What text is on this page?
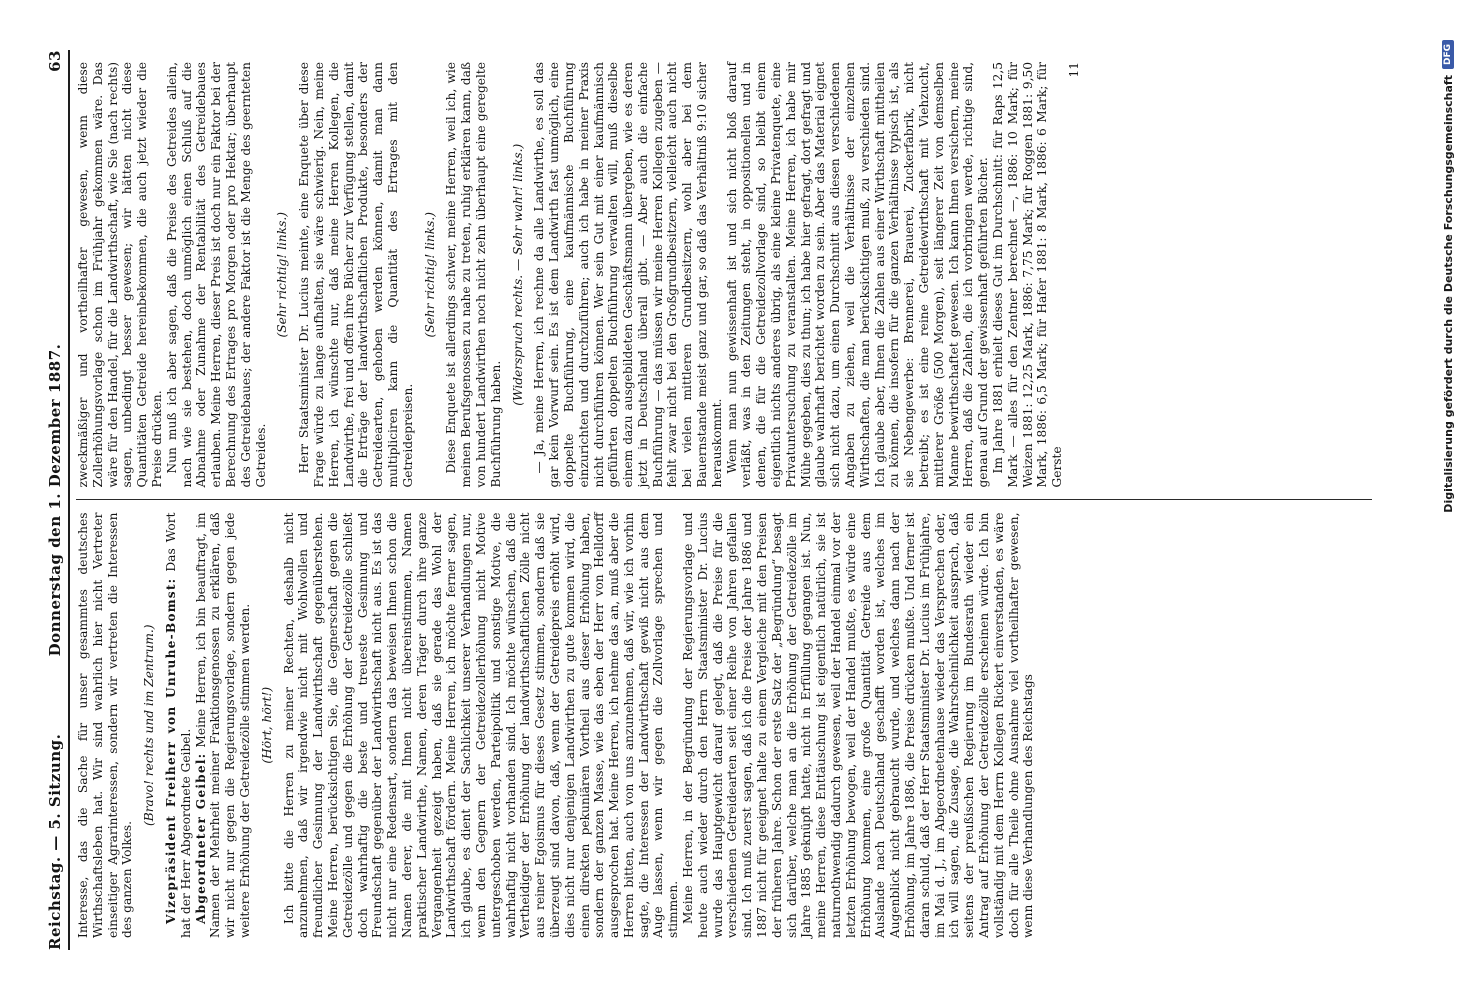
Reichstag. — 5. Sitzung.
Donnerstag den 1. Dezember 1887.
63

Interesse, das die Sache für unser gesammtes deutsches Wirthschaftsleben hat. Wir sind wahrlich hier nicht Vertreter einseitiger Agrarinteressen, sondern wir vertreten die Interessen des ganzen Volkes.

(Bravo! rechts und im Zentrum.) Vizepräsident Freiherr von Unruhe-Bomst: Das Wort hat der Herr Abgeordnete Geibel. Abgeordneter Geibel: Meine Herren, ich bin beauftragt, im Namen der Mehrheit meiner Fraktionsgenossen zu erklären, daß wir nicht nur gegen die Regierungsvorlage, sondern gegen jede weitere Erhöhung der Getreidezölle stimmen werden. (Hört, hört!) Ich bitte die Herren zu meiner Rechten, deshalb nicht anzunehmen, daß wir irgendwie nicht mit Wohlwollen und freundlicher Gesinnung der Landwirthschaft gegenüberstehen. Meine Herren, berücksichtigen Sie, die Gegnerschaft gegen die Getreidezölle und gegen die Erhöhung der Getreidezölle schließt doch wahrhaftig die beste und treueste Gesinnung und Freundschaft gegenüber der Landwirthschaft nicht aus. Es ist das nicht nur eine Redensart, sondern das beweisen Ihnen schon die Namen derer, die mit Ihnen nicht übereinstimmen, Namen praktischer Landwirthe, Namen, deren Träger durch ihre ganze Vergangenheit gezeigt haben, daß sie gerade das Wohl der Landwirthschaft fördern. Meine Herren, ich möchte ferner sagen, ich glaube, es dient der Sachlichkeit unserer Verhandlungen nur, wenn den Gegnern der Getreidezollerhöhung nicht Motive untergeschoben werden, Parteipolitik und sonstige Motive, die wahrhaftig nicht vorhanden sind. Ich möchte wünschen, daß die Vertheidiger der Erhöhung der landwirthschaftlichen Zölle nicht aus reiner Egoismus für dieses Gesetz stimmen, sondern daß sie überzeugt sind davon, daß, wenn der Getreidepreis erhöht wird, dies nicht nur denjenigen Landwirthen zu gute kommen wird, die einen direkten pekuniären Vortheil aus dieser Erhöhung haben, sondern der ganzen Masse, wie das eben der Herr von Helldorff ausgesprochen hat. Meine Herren, ich nehme das an, muß aber die Herren bitten, auch von uns anzunehmen, daß wir, wie ich vorhin sagte, die Interessen der Landwirthschaft gewiß nicht aus dem Auge lassen, wenn wir gegen die Zollvorlage sprechen und stimmen. Meine Herren, in der Begründung der Regierungsvorlage und heute auch wieder durch den Herrn Staatsminister Dr. Lucius wurde das Hauptgewicht darauf gelegt, daß die Preise für die verschiedenen Getreidearten seit einer Reihe von Jahren gefallen sind. Ich muß zuerst sagen, daß ich die Preise der Jahre 1886 und 1887 nicht für geeignet halte zu einem Vergleiche mit den Preisen der früheren Jahre. Schon der erste Satz der „Begründung“ besagt sich darüber, welche man an die Erhöhung der Getreidezölle im Jahre 1885 geknüpft hatte, nicht in Erfüllung gegangen ist. Nun, meine Herren, diese Enttäuschung ist eigentlich natürlich, sie ist naturnothwendig dadurch gewesen, weil der Handel einmal vor der letzten Erhöhung bewogen, weil der Handel mußte, es würde eine Erhöhung kommen, eine große Quantität Getreide aus dem Auslande nach Deutschland geschafft worden ist, welches im Augenblick nicht gebraucht wurde, und welches dann nach der Erhöhung, im Jahre 1886, die Preise drücken mußte. Und ferner ist daran schuld, daß der Herr Staatsminister Dr. Lucius im Frühjahre, im Mai d. J., im Abgeordnetenhause wieder das Versprechen oder, ich will sagen, die Zusage, die Wahrscheinlichkeit aussprach, daß seitens der preußischen Regierung im Bundesrath wieder ein Antrag auf Erhöhung der Getreidezölle erscheinen würde. Ich bin vollständig mit dem Herrn Kollegen Rickert einverstanden, es wäre doch für alle Theile ohne Ausnahme viel vortheilhafter gewesen, wenn diese Verhandlungen des Reichstags

zweckmäßiger und vortheilhafter gewesen, wenn diese Zollerhöhungsvorlage schon im Frühjahr gekommen wäre. Das wäre für den Handel, für die Landwirthschaft, wie Sie (nach rechts) sagen, unbedingt besser gewesen; wir hätten nicht diese Quantitäten Getreide hereinbekommen, die auch jetzt wieder die Preise drücken. Nun muß ich aber sagen, daß die Preise des Getreides allein, nach wie sie bestehen, doch unmöglich einen Schluß auf die Abnahme oder Zunahme der Rentabilität des Getreidebaues erlauben. Meine Herren, dieser Preis ist doch nur ein Faktor bei der Berechnung des Ertrages pro Morgen oder pro Hektar; überhaupt des Getreidebaues; der andere Faktor ist die Menge des geernteten Getreides.

(Sehr richtig! links.) Herr Staatsminister Dr. Lucius meinte, eine Enquete über diese Frage würde zu lange aufhalten, sie wäre schwierig. Nein, meine Herren, ich wünschte nur, daß meine Herren Kollegen, die Landwirthe, frei und offen ihre Bücher zur Verfügung stellen, damit die Erträge der landwirthschaftlichen Produkte, besonders der Getreidearten, gehoben werden können, damit man dann multipliciren kann die Quantität des Ertrages mit den Getreidepreisen.

(Sehr richtig! links.) Diese Enquete ist allerdings schwer, meine Herren, weil ich, wie meinen Berufsgenossen zu nahe zu treten, ruhig erklären kann, daß von hundert Landwirthen noch nicht zehn überhaupt eine geregelte Buchführung haben.

(Widerspruch rechts. — Sehr wahr! links.) — Ja, meine Herren, ich rechne da alle Landwirthe, es soll das gar kein Vorwurf sein. Es ist dem Landwirth fast unmöglich, eine doppelte Buchführung, eine kaufmännische Buchführung einzurichten und durchzuführen; auch ich habe in meiner Praxis nicht durchführen können. Wer sein Gut mit einer kaufmännisch geführten doppelten Buchführung verwalten will, muß dieselbe einem dazu ausgebildeten Geschäftsmann übergeben, wie es deren jetzt in Deutschland überall gibt. — Aber auch die einfache Buchführung — das müssen wir meine Herren Kollegen zugeben — fehlt zwar nicht bei den Großgrundbesitzern, vielleicht auch nicht bei vielen mittleren Grundbesitzern, wohl aber bei dem Bauernstande meist ganz und gar, so daß das Verhältniß 9:10 sicher herauskommt. Wenn man nun gewissenhaft ist und sich nicht bloß darauf verläßt, was in den Zeitungen steht, in oppositionellen und in denen, die für die Getreidezollvorlage sind, so bleibt einem eigentlich nichts anderes übrig, als eine kleine Privatenquete, eine Privatuntersuchung zu veranstalten. Meine Herren, ich habe mir Mühe gegeben, dies zu thun; ich habe hier gefragt, dort gefragt und glaube wahrhaft berichtet worden zu sein. Aber das Material eignet sich nicht dazu, um einen Durchschnitt aus diesen verschiedenen Angaben zu ziehen, weil die Verhältnisse der einzelnen Wirthschaften, die man berücksichtigen muß, zu verschieden sind. Ich glaube aber, Ihnen die Zahlen aus einer Wirthschaft mittheilen zu können, die insofern für die ganzen Verhältnisse typisch ist, als sie Nebengewerbe: Brennerei, Brauerei, Zuckerfabrik, nicht betreibt; es ist eine reine Getreidewirthschaft mit Viehzucht, mittlerer Größe (500 Morgen), seit längerer Zeit von demselben Manne bewirthschaftet gewesen. Ich kann Ihnen versichern, meine Herren, daß die Zahlen, die ich vorbringen werde, richtige sind, genau auf Grund der gewissenhaft geführten Bücher. Im Jahre 1881 erhielt dieses Gut im Durchschnitt: für Raps 12,5 Mark — alles für den Zentner berechnet —, 1886: 10 Mark; für Weizen 1881: 12,25 Mark, 1886: 7,75 Mark; für Roggen 1881: 9,50 Mark, 1886: 6,5 Mark; für Hafer 1881: 8 Mark, 1886: 6 Mark; für Gerste

11

Digitalisierung gefördert durch die Deutsche Forschungsgemeinschaft
DFG
